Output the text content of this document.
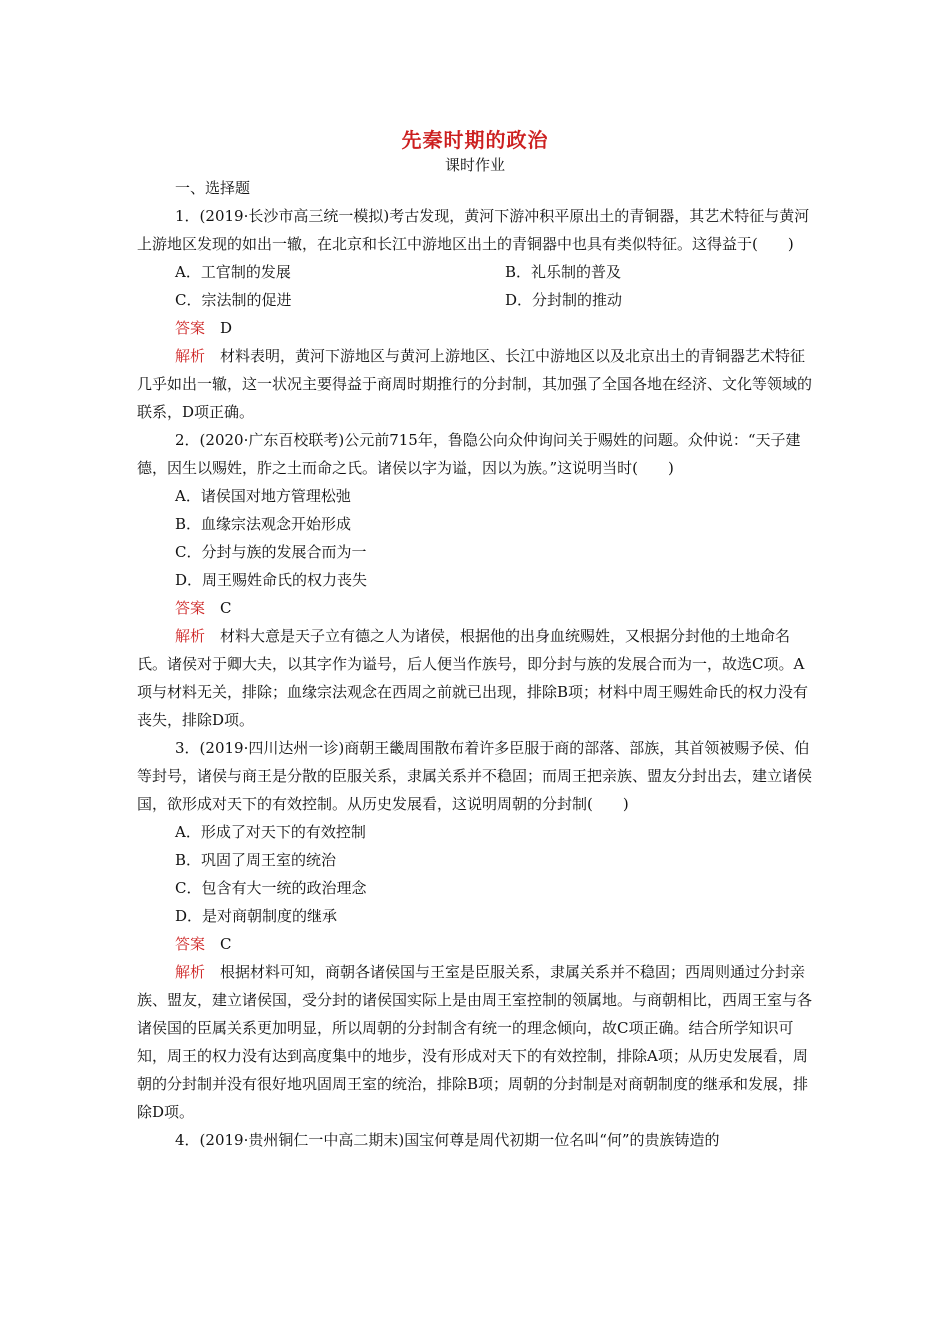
先秦时期的政治
课时作业

一、选择题

1．(2019·长沙市高三统一模拟)考古发现，黄河下游冲积平原出土的青铜器，其艺术特征与黄河上游地区发现的如出一辙，在北京和长江中游地区出土的青铜器中也具有类似特征。这得益于(　　)

A．工官制的发展	B．礼乐制的普及
C．宗法制的促进	D．分封制的推动

答案　 D

解析　 材料表明，黄河下游地区与黄河上游地区、长江中游地区以及北京出土的青铜器艺术特征几乎如出一辙，这一状况主要得益于商周时期推行的分封制，其加强了全国各地在经济、文化等领域的联系，D项正确。

2．(2020·广东百校联考)公元前715年，鲁隐公向众仲询问关于赐姓的问题。众仲说：“天子建德，因生以赐姓，胙之土而命之氏。诸侯以字为谥，因以为族。”这说明当时(　　)

A．诸侯国对地方管理松弛

B．血缘宗法观念开始形成

C．分封与族的发展合而为一

D．周王赐姓命氏的权力丧失

答案　 C

解析　 材料大意是天子立有德之人为诸侯，根据他的出身血统赐姓，又根据分封他的土地命名氏。诸侯对于卿大夫，以其字作为谥号，后人便当作族号，即分封与族的发展合而为一，故选C项。A项与材料无关，排除；血缘宗法观念在西周之前就已出现，排除B项；材料中周王赐姓命氏的权力没有丧失，排除D项。

3．(2019·四川达州一诊)商朝王畿周围散布着许多臣服于商的部落、部族，其首领被赐予侯、伯等封号，诸侯与商王是分散的臣服关系，隶属关系并不稳固；而周王把亲族、盟友分封出去，建立诸侯国，欲形成对天下的有效控制。从历史发展看，这说明周朝的分封制(　　)

A．形成了对天下的有效控制

B．巩固了周王室的统治

C．包含有大一统的政治理念

D．是对商朝制度的继承

答案　 C

解析　 根据材料可知，商朝各诸侯国与王室是臣服关系，隶属关系并不稳固；西周则通过分封亲族、盟友，建立诸侯国，受分封的诸侯国实际上是由周王室控制的领属地。与商朝相比，西周王室与各诸侯国的臣属关系更加明显，所以周朝的分封制含有统一的理念倾向，故C项正确。结合所学知识可知，周王的权力没有达到高度集中的地步，没有形成对天下的有效控制，排除A项；从历史发展看，周朝的分封制并没有很好地巩固周王室的统治，排除B项；周朝的分封制是对商朝制度的继承和发展，排除D项。

4．(2019·贵州铜仁一中高二期末)国宝何尊是周代初期一位名叫“何”的贵族铸造的
